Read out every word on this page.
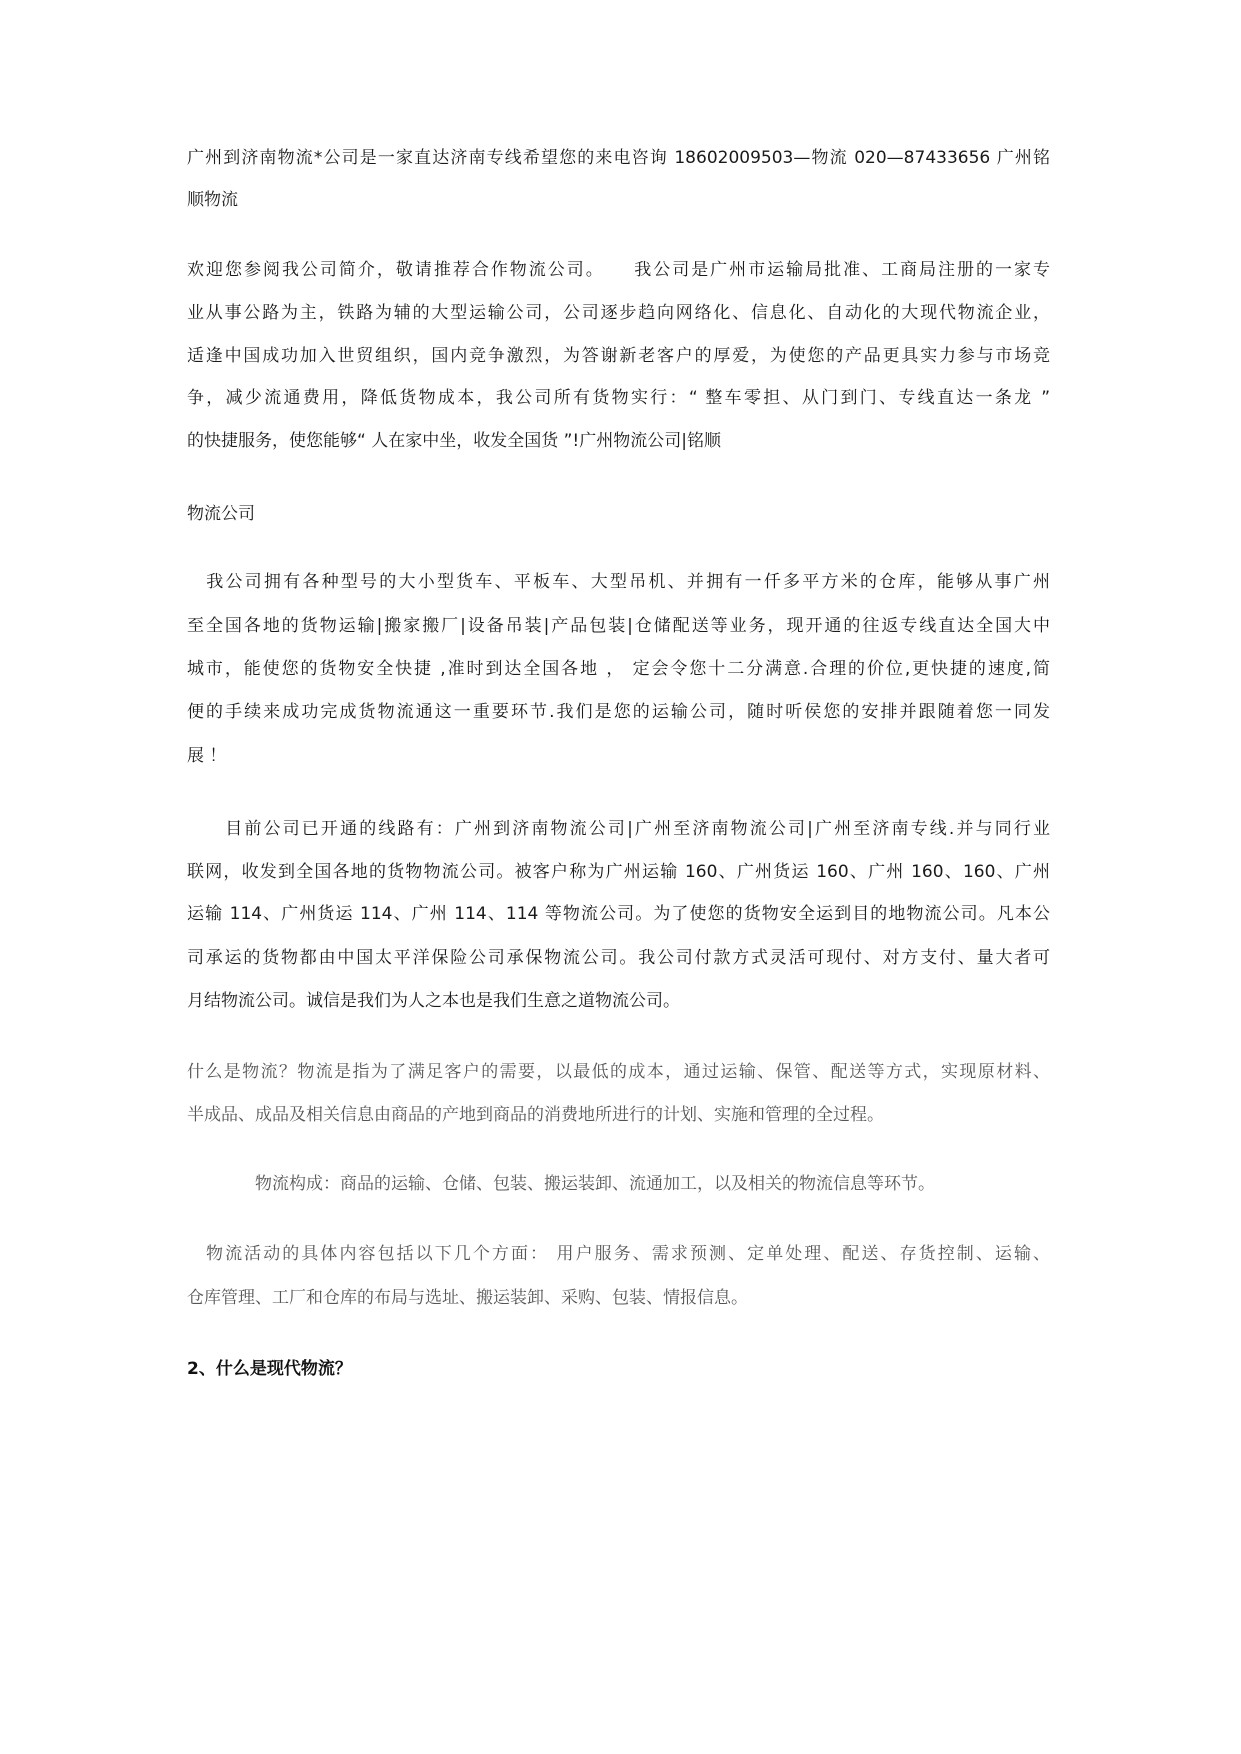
广州到济南物流*公司是一家直达济南专线希望您的来电咨询 18602009503—物流 020—87433656 广州铭
顺物流
欢迎您参阅我公司简介，敬请推荐合作物流公司。　　我公司是广州市运输局批准、工商局注册的一家专
业从事公路为主，铁路为辅的大型运输公司，公司逐步趋向网络化、信息化、自动化的大现代物流企业，
适逢中国成功加入世贸组织，国内竞争激烈，为答谢新老客户的厚爱，为使您的产品更具实力参与市场竞
争，减少流通费用，降低货物成本，我公司所有货物实行：“ 整车零担、从门到门、专线直达一条龙 ”
的快捷服务，使您能够“ 人在家中坐，收发全国货 ”!广州物流公司|铭顺
物流公司
　我公司拥有各种型号的大小型货车、平板车、大型吊机、并拥有一仟多平方米的仓库，能够从事广州
至全国各地的货物运输|搬家搬厂|设备吊装|产品包装|仓储配送等业务，现开通的往返专线直达全国大中
城市，能使您的货物安全快捷 ,准时到达全国各地 ， 定会令您十二分满意.合理的价位,更快捷的速度,简
便的手续来成功完成货物流通这一重要环节.我们是您的运输公司，随时听侯您的安排并跟随着您一同发
展 ！
　　目前公司已开通的线路有：广州到济南物流公司|广州至济南物流公司|广州至济南专线.并与同行业
联网，收发到全国各地的货物物流公司。被客户称为广州运输 160、广州货运 160、广州 160、160、广州
运输 114、广州货运 114、广州 114、114 等物流公司。为了使您的货物安全运到目的地物流公司。凡本公
司承运的货物都由中国太平洋保险公司承保物流公司。我公司付款方式灵活可现付、对方支付、量大者可
月结物流公司。诚信是我们为人之本也是我们生意之道物流公司。
什么是物流？物流是指为了满足客户的需要，以最低的成本，通过运输、保管、配送等方式，实现原材料、
半成品、成品及相关信息由商品的产地到商品的消费地所进行的计划、实施和管理的全过程。
　　　　物流构成：商品的运输、仓储、包装、搬运装卸、流通加工，以及相关的物流信息等环节。
　物流活动的具体内容包括以下几个方面： 用户服务、需求预测、定单处理、配送、存货控制、运输、
仓库管理、工厂和仓库的布局与选址、搬运装卸、采购、包装、情报信息。
2、什么是现代物流？
